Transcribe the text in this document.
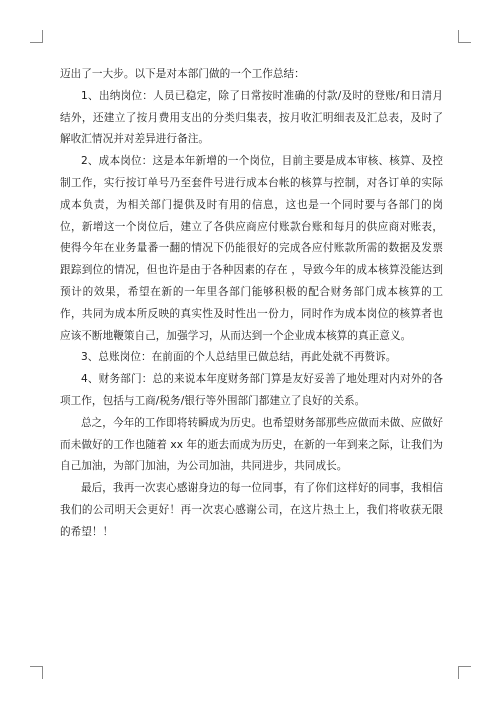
迈出了一大步。以下是对本部门做的一个工作总结：

1、出纳岗位：人员已稳定，除了日常按时准确的付款/及时的登账/和日清月结外，还建立了按月费用支出的分类归集表，按月收汇明细表及汇总表，及时了解收汇情况并对差异进行备注。

2、成本岗位：这是本年新增的一个岗位，目前主要是成本审核、核算、及控制工作，实行按订单号乃至套件号进行成本台帐的核算与控制，对各订单的实际成本负责，为相关部门提供及时有用的信息，这也是一个同时要与各部门的岗位，新增这一个岗位后，建立了各供应商应付账款台账和每月的供应商对账表，使得今年在业务量番一翻的情况下仍能很好的完成各应付账款所需的数据及发票跟踪到位的情况，但也许是由于各种因素的存在 ，导致今年的成本核算没能达到预计的效果，希望在新的一年里各部门能够积极的配合财务部门成本核算的工作，共同为成本所反映的真实性及时性出一份力，同时作为成本岗位的核算者也应该不断地鞭策自己，加强学习，从而达到一个企业成本核算的真正意义。

3、总账岗位：在前面的个人总结里已做总结，再此处就不再赘诉。

4、财务部门：总的来说本年度财务部门算是友好妥善了地处理对内对外的各项工作，包括与工商/税务/银行等外围部门都建立了良好的关系。

总之，今年的工作即将转瞬成为历史。也希望财务部那些应做而未做、应做好而未做好的工作也随着 xx 年的逝去而成为历史，在新的一年到来之际，让我们为自己加油，为部门加油，为公司加油，共同进步，共同成长。

最后，我再一次衷心感谢身边的每一位同事，有了你们这样好的同事，我相信我们的公司明天会更好！再一次衷心感谢公司，在这片热土上，我们将收获无限的希望！！
